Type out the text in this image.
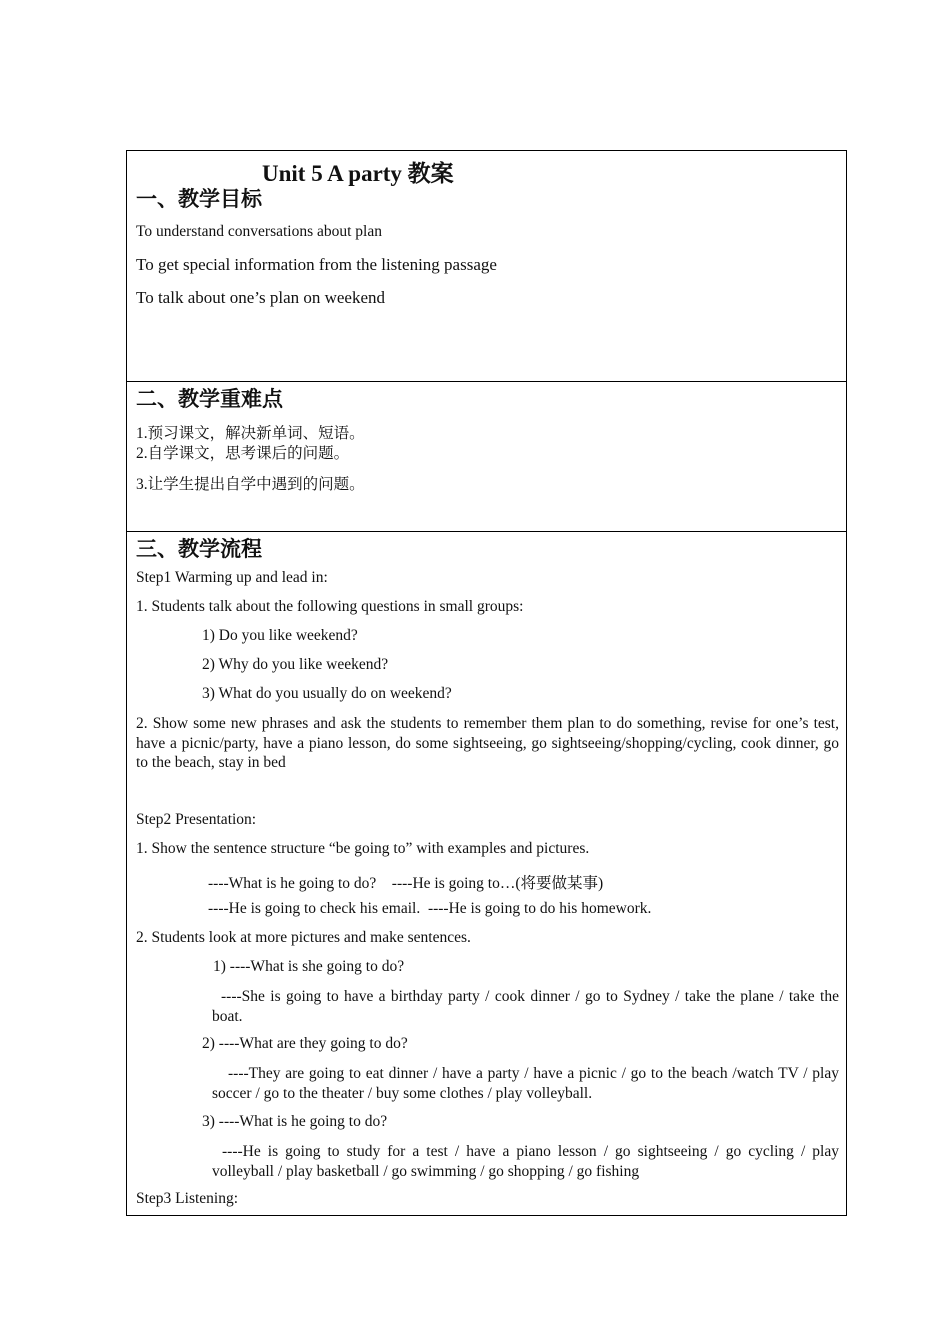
Unit 5 A party 教案
一、教学目标
To understand conversations about plan
To get special information from the listening passage
To talk about one’s plan on weekend
二、教学重难点
1.预习课文，解决新单词、短语。
2.自学课文，思考课后的问题。
3.让学生提出自学中遇到的问题。
三、教学流程
Step1 Warming up and lead in:
1. Students talk about the following questions in small groups:
1) Do you like weekend?
2) Why do you like weekend?
3) What do you usually do on weekend?
2. Show some new phrases and ask the students to remember them plan to do something, revise for one’s test, have a picnic/party, have a piano lesson, do some sightseeing, go sightseeing/shopping/cycling, cook dinner, go to the beach, stay in bed
Step2 Presentation:
1. Show the sentence structure “be going to” with examples and pictures.
----What is he going to do?    ----He is going to…(将要做某事)
----He is going to check his email.  ----He is going to do his homework.
2. Students look at more pictures and make sentences.
1) ----What is she going to do?
----She is going to have a birthday party / cook dinner / go to Sydney / take the plane / take the boat.
2) ----What are they going to do?
----They are going to eat dinner / have a party / have a picnic / go to the beach /watch TV / play soccer / go to the theater / buy some clothes / play volleyball.
3) ----What is he going to do?
----He is going to study for a test / have a piano lesson / go sightseeing / go cycling / play volleyball / play basketball / go swimming / go shopping / go fishing
Step3 Listening:
